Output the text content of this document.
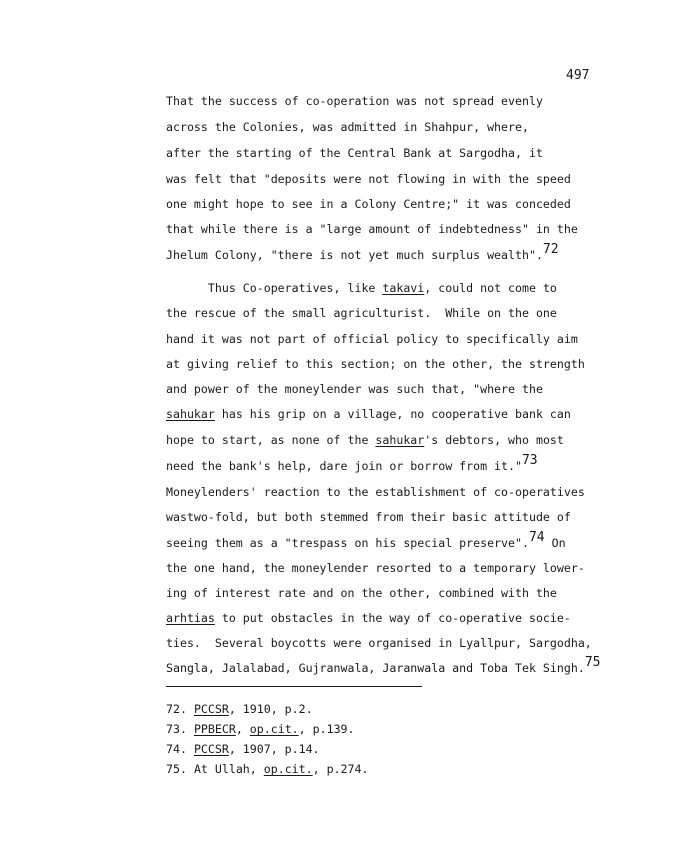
497
That the success of co-operation was not spread evenly
across the Colonies, was admitted in Shahpur, where,
after the starting of the Central Bank at Sargodha, it
was felt that "deposits were not flowing in with the speed
one might hope to see in a Colony Centre;" it was conceded
that while there is a "large amount of indebtedness" in the
Jhelum Colony, "there is not yet much surplus wealth".$^{72}$
Thus Co-operatives, like takavi, could not come to
the rescue of the small agriculturist.  While on the one
hand it was not part of official policy to specifically aim
at giving relief to this section; on the other, the strength
and power of the moneylender was such that, "where the
sahukar has his grip on a village, no cooperative bank can
hope to start, as none of the sahukar's debtors, who most
need the bank's help, dare join or borrow from it."$^{73}$
Moneylenders' reaction to the establishment of co-operatives
wastwo-fold, but both stemmed from their basic attitude of
seeing them as a "trespass on his special preserve".$^{74}$ On
the one hand, the moneylender resorted to a temporary lower-
ing of interest rate and on the other, combined with the
arhtias to put obstacles in the way of co-operative socie-
ties.  Several boycotts were organised in Lyallpur, Sargodha,
Sangla, Jalalabad, Gujranwala, Jaranwala and Toba Tek Singh.$^{75}$
72. PCCSR, 1910, p.2.
73. PPBECR, op.cit., p.139.
74. PCCSR, 1907, p.14.
75. At Ullah, op.cit., p.274.
